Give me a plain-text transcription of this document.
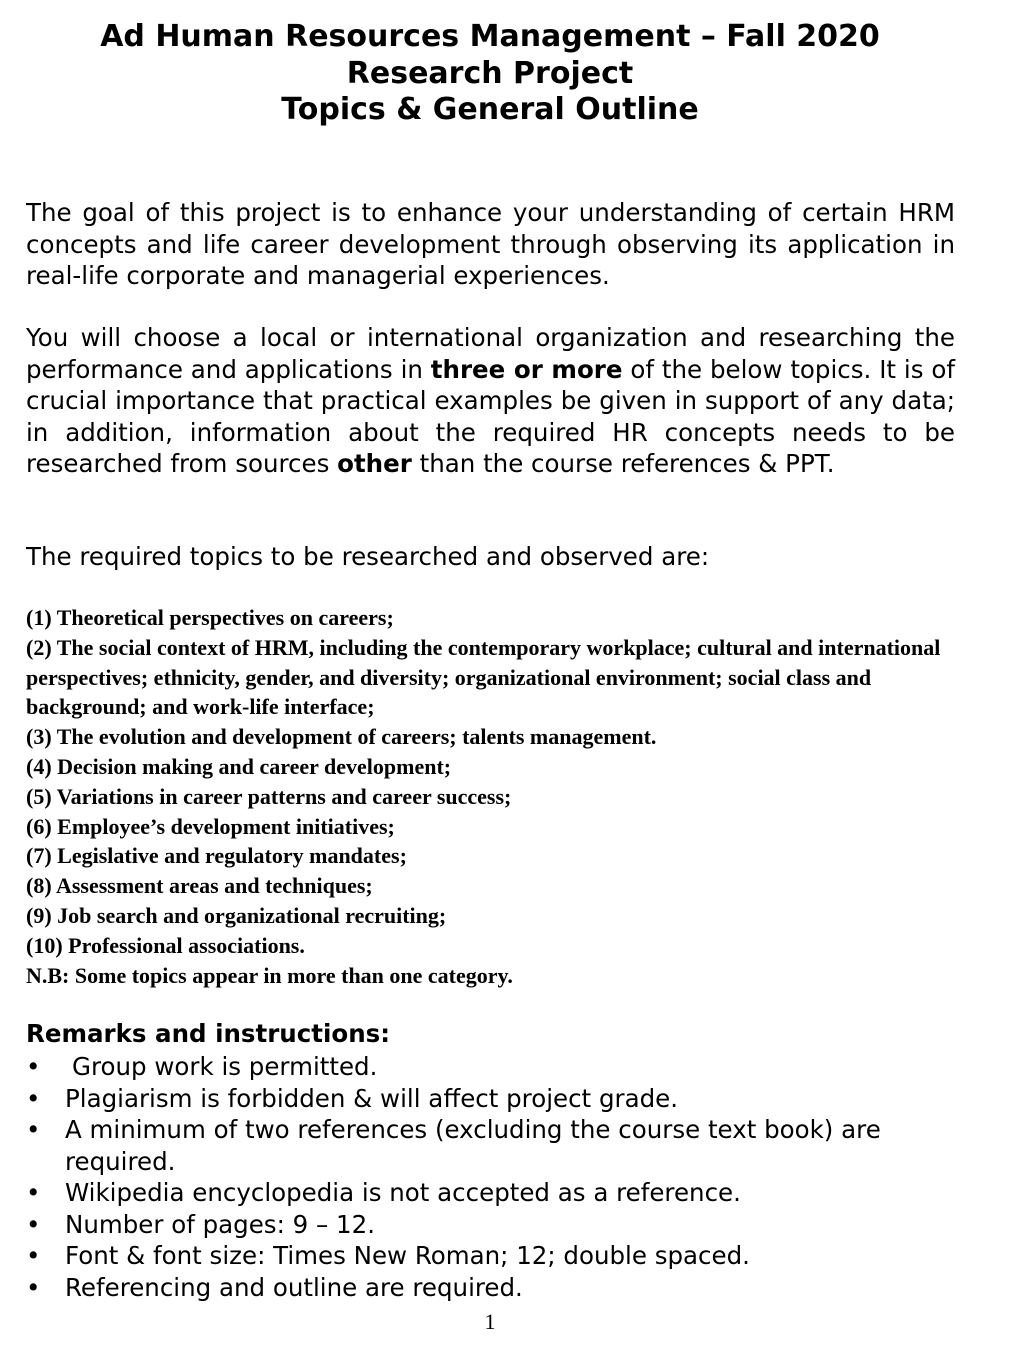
Ad Human Resources Management – Fall 2020
Research Project
Topics & General Outline
The goal of this project is to enhance your understanding of certain HRM concepts and life career development through observing its application in real-life corporate and managerial experiences.
You will choose a local or international organization and researching the performance and applications in three or more of the below topics. It is of crucial importance that practical examples be given in support of any data; in addition, information about the required HR concepts needs to be researched from sources other than the course references & PPT.
The required topics to be researched and observed are:
(1) Theoretical perspectives on careers;
(2) The social context of HRM, including the contemporary workplace; cultural and international perspectives; ethnicity, gender, and diversity; organizational environment; social class and background; and work-life interface;
(3) The evolution and development of careers; talents management.
(4) Decision making and career development;
(5) Variations in career patterns and career success;
(6) Employee’s development initiatives;
(7) Legislative and regulatory mandates;
(8) Assessment areas and techniques;
(9) Job search and organizational recruiting;
(10) Professional associations.
N.B: Some topics appear in more than one category.
Remarks and instructions:
• Group work is permitted.
• Plagiarism is forbidden & will affect project grade.
• A minimum of two references (excluding the course text book) are required.
• Wikipedia encyclopedia is not accepted as a reference.
• Number of pages: 9 – 12.
• Font & font size: Times New Roman; 12; double spaced.
• Referencing and outline are required.
1
